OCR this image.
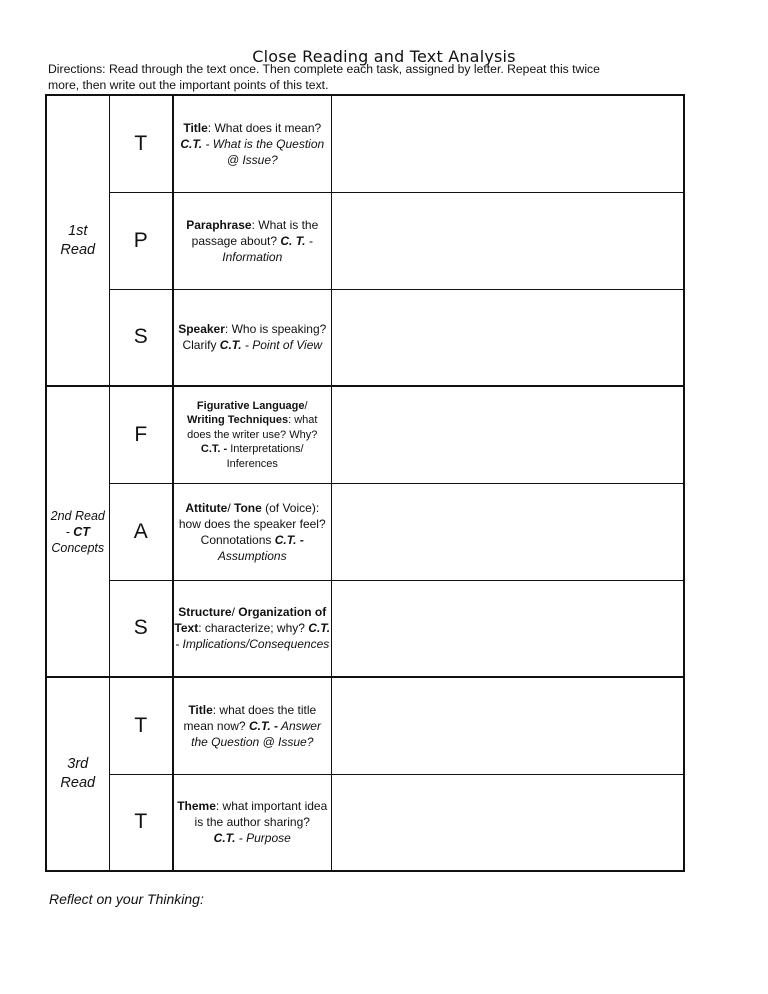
Close Reading and Text Analysis
Directions: Read through the text once. Then complete each task, assigned by letter. Repeat this twice more, then write out the important points of this text.
1st Read	T	Title: What does it mean?
C.T. - What is the Question @ Issue?	
	P	Paraphrase: What is the passage about? C. T. - Information	
	S	Speaker: Who is speaking? Clarify C.T. - Point of View	
2nd Read - CT Concepts	F	Figurative Language/
Writing Techniques: what does the writer use? Why?
C.T. - Interpretations/ Inferences	
	A	Attitute/ Tone (of Voice): how does the speaker feel? Connotations C.T. - Assumptions	
	S	Structure/ Organization of Text: characterize; why? C.T. - Implications/Consequences	
3rd Read	T	Title: what does the title mean now? C.T. - Answer the Question @ Issue?	
	T	Theme: what important idea is the author sharing?
C.T. - Purpose	
Reflect on your Thinking:
